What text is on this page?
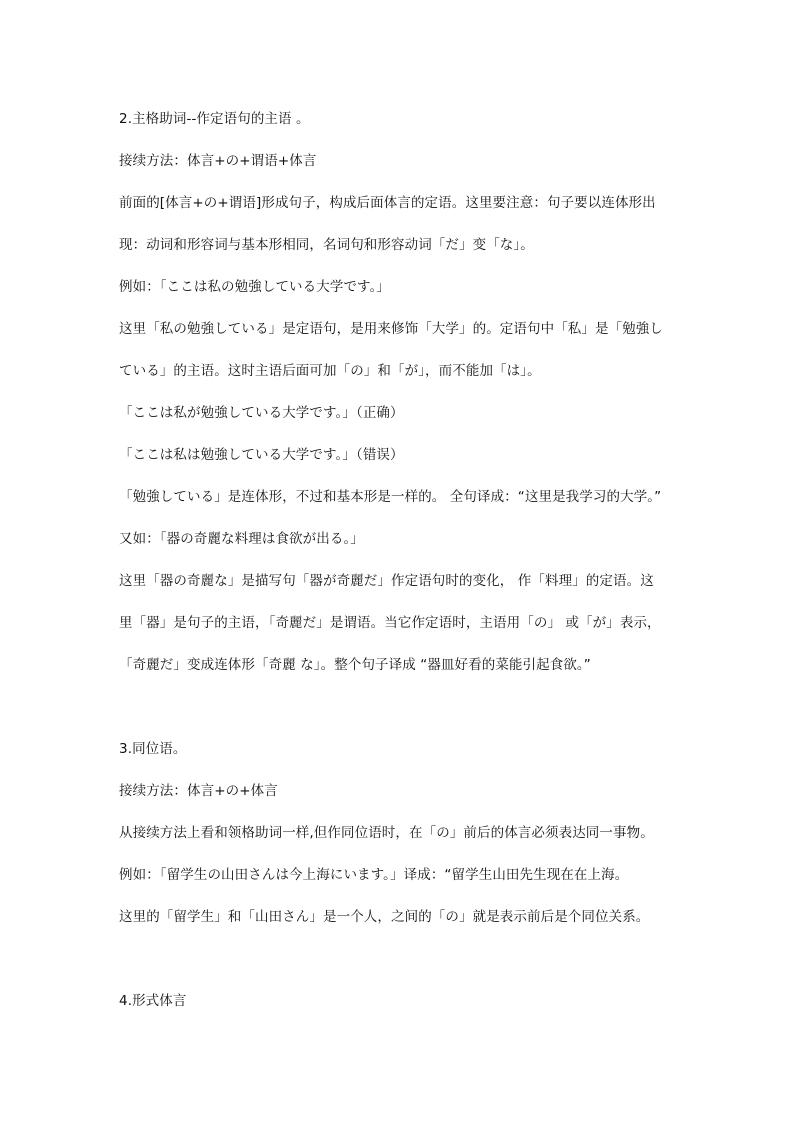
2.主格助词--作定语句的主语 。

接续方法：体言+の+谓语+体言

前面的[体言+の+谓语]形成句子，构成后面体言的定语。这里要注意：句子要以连体形出

现：动词和形容词与基本形相同，名词句和形容动词「だ」变「な」。

例如：「ここは私の勉強している大学です。」

这里「私の勉強している」是定语句，是用来修饰「大学」的。定语句中「私」是「勉強し

ている」的主语。这时主语后面可加「の」和「が」，而不能加「は」。

「ここは私が勉強している大学です。」（正确）

「ここは私は勉強している大学です。」（错误）

「勉強している」是连体形，不过和基本形是一样的。 全句译成：“这里是我学习的大学。”

又如：「器の奇麗な料理は食欲が出る。」

这里「器の奇麗な」是描写句「器が奇麗だ」作定语句时的变化， 作「料理」的定语。这

里「器」是句子的主语，「奇麗だ」是谓语。当它作定语时，主语用「の」 或「が」表示，

「奇麗だ」变成连体形「奇麗 な」。整个句子译成 “器皿好看的菜能引起食欲。”

3.同位语。

接续方法：体言+の+体言

从接续方法上看和领格助词一样,但作同位语时，在「の」前后的体言必须表达同一事物。

例如：「留学生の山田さんは今上海にいます。」译成：“留学生山田先生现在在上海。

这里的「留学生」和「山田さん」是一个人，之间的「の」就是表示前后是个同位关系。

4.形式体言
